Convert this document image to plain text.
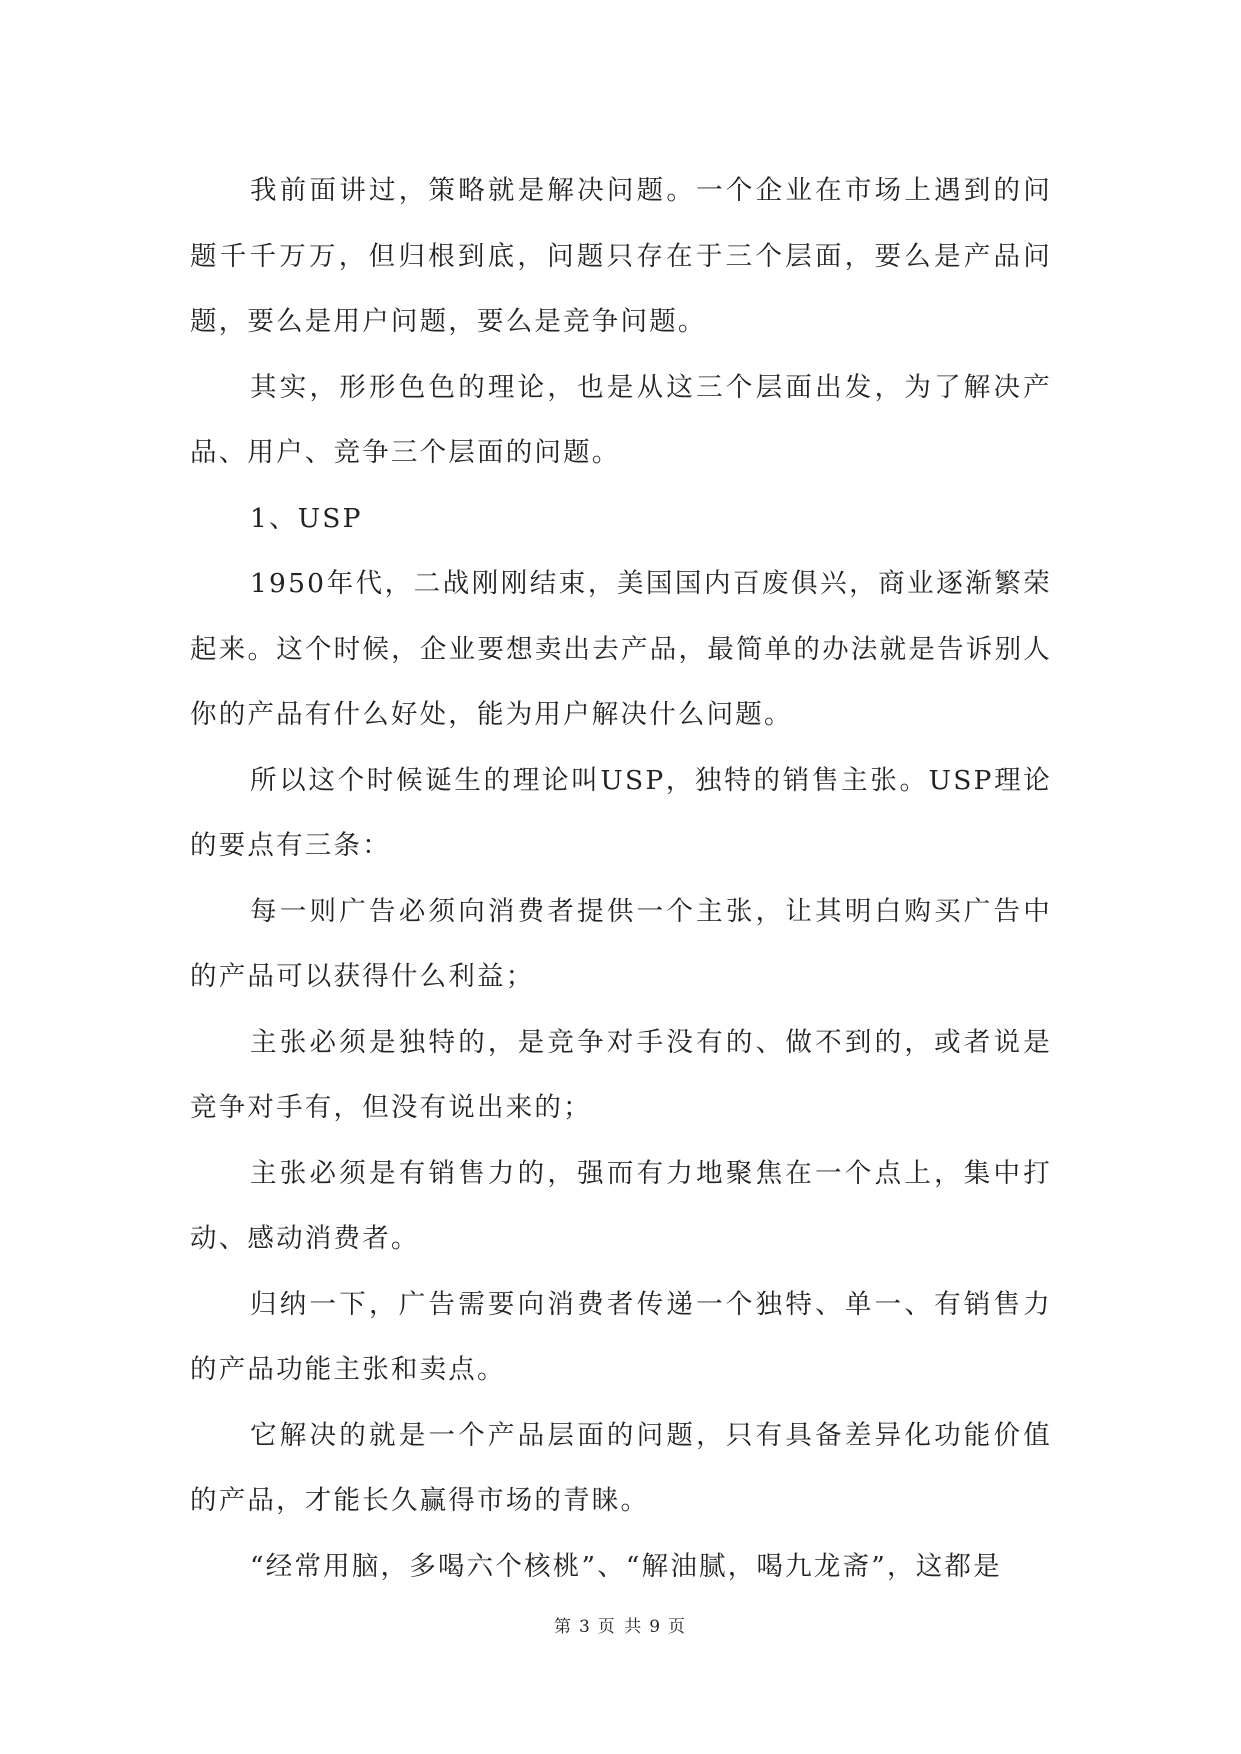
我前面讲过，策略就是解决问题。一个企业在市场上遇到的问题千千万万，但归根到底，问题只存在于三个层面，要么是产品问题，要么是用户问题，要么是竞争问题。

其实，形形色色的理论，也是从这三个层面出发，为了解决产品、用户、竞争三个层面的问题。

1、USP

1950年代，二战刚刚结束，美国国内百废俱兴，商业逐渐繁荣起来。这个时候，企业要想卖出去产品，最简单的办法就是告诉别人你的产品有什么好处，能为用户解决什么问题。

所以这个时候诞生的理论叫USP，独特的销售主张。USP理论的要点有三条：

每一则广告必须向消费者提供一个主张，让其明白购买广告中的产品可以获得什么利益；

主张必须是独特的，是竞争对手没有的、做不到的，或者说是竞争对手有，但没有说出来的；

主张必须是有销售力的，强而有力地聚焦在一个点上，集中打动、感动消费者。

归纳一下，广告需要向消费者传递一个独特、单一、有销售力的产品功能主张和卖点。

它解决的就是一个产品层面的问题，只有具备差异化功能价值的产品，才能长久赢得市场的青睐。

“经常用脑，多喝六个核桃”、“解油腻，喝九龙斋”，这都是

第 3 页 共 9 页
